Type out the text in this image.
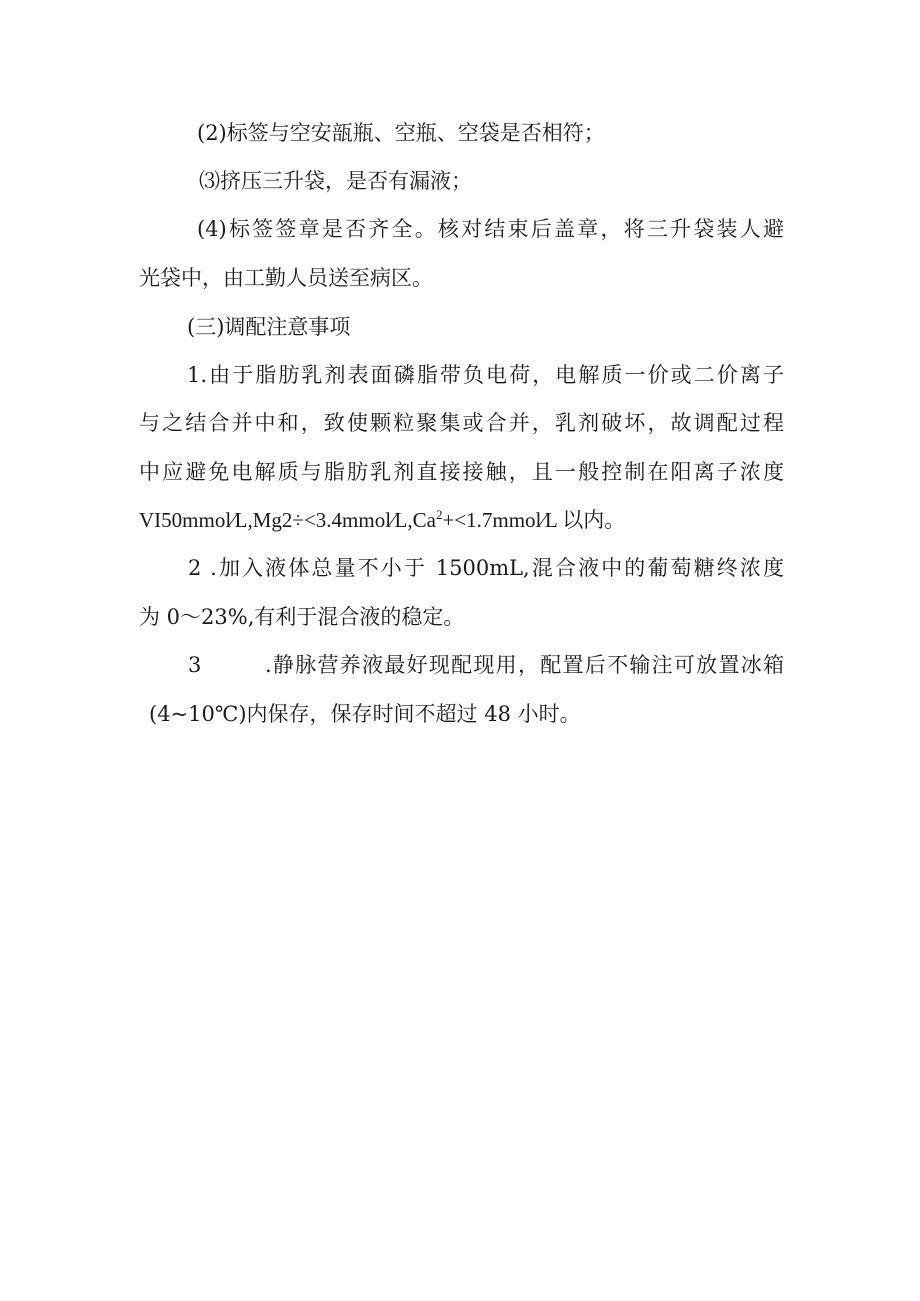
(2)标签与空安瓿瓶、空瓶、空袋是否相符；
⑶挤压三升袋，是否有漏液；
(4)标签签章是否齐全。核对结束后盖章，将三升袋装人避
光袋中，由工勤人员送至病区。
(三)调配注意事项
1.由于脂肪乳剂表面磷脂带负电荷，电解质一价或二价离子
与之结合并中和，致使颗粒聚集或合并，乳剂破坏，故调配过程
中应避免电解质与脂肪乳剂直接接触，且一般控制在阳离子浓度
$VI50mmol∕L,Mg2\div<3.4mmol∕L,Ca^2+<1.7mmol∕L$ 以内。
2 .加入液体总量不小于 1500mL,混合液中的葡萄糖终浓度
为 0～23%,有利于混合液的稳定。
3        .静脉营养液最好现配现用，配置后不输注可放置冰箱
(4~10℃)内保存，保存时间不超过 48 小时。
